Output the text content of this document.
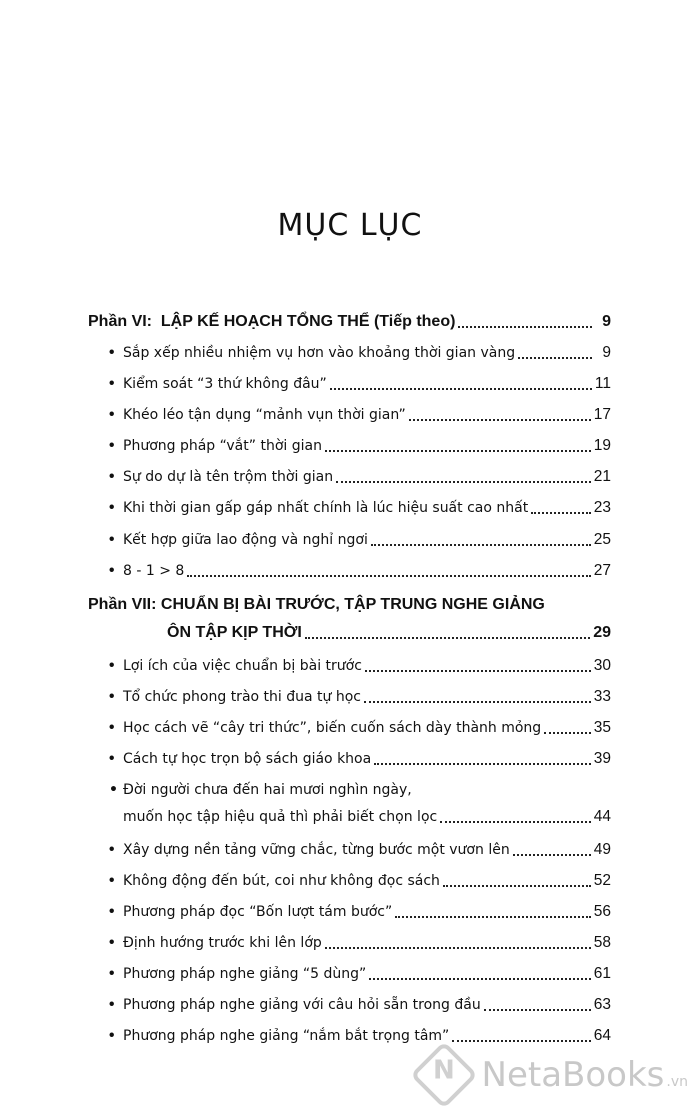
MỤC LỤC
Phần VI: LẬP KẾ HOẠCH TỔNG THỂ (Tiếp theo)	9
• Sắp xếp nhiều nhiệm vụ hơn vào khoảng thời gian vàng	9
• Kiểm soát “3 thứ không đâu”	11
• Khéo léo tận dụng “mảnh vụn thời gian”	17
• Phương pháp “vắt” thời gian	19
• Sự do dự là tên trộm thời gian	21
• Khi thời gian gấp gáp nhất chính là lúc hiệu suất cao nhất	23
• Kết hợp giữa lao động và nghỉ ngơi	25
• 8 - 1 > 8	27
Phần VII: CHUẨN BỊ BÀI TRƯỚC, TẬP TRUNG NGHE GIẢNG
ÔN TẬP KỊP THỜI	29
• Lợi ích của việc chuẩn bị bài trước	30
• Tổ chức phong trào thi đua tự học	33
• Học cách vẽ “cây tri thức”, biến cuốn sách dày thành mỏng	35
• Cách tự học trọn bộ sách giáo khoa	39
• Đời người chưa đến hai mươi nghìn ngày,
muốn học tập hiệu quả thì phải biết chọn lọc	44
• Xây dựng nền tảng vững chắc, từng bước một vươn lên	49
• Không động đến bút, coi như không đọc sách	52
• Phương pháp đọc “Bốn lượt tám bước”	56
• Định hướng trước khi lên lớp	58
• Phương pháp nghe giảng “5 dùng”	61
• Phương pháp nghe giảng với câu hỏi sẵn trong đầu	63
• Phương pháp nghe giảng “nắm bắt trọng tâm”	64
N NetaBooks .vn
